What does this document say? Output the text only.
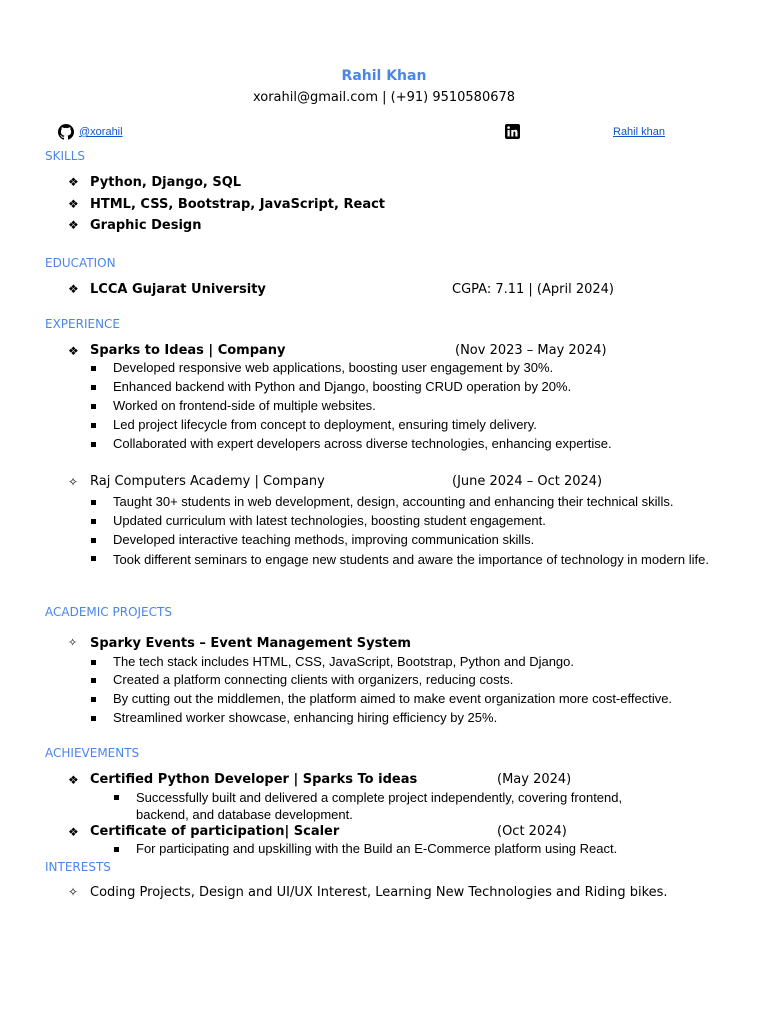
Rahil Khan
xorahil@gmail.com | (+91) 9510580678
@xorahil	Rahil khan
SKILLS
❖ Python, Django, SQL
❖ HTML, CSS, Bootstrap, JavaScript, React
❖ Graphic Design
EDUCATION
❖ LCCA Gujarat University	CGPA: 7.11 | (April 2024)
EXPERIENCE
❖ Sparks to Ideas | Company	(Nov 2023 – May 2024)
Developed responsive web applications, boosting user engagement by 30%.
Enhanced backend with Python and Django, boosting CRUD operation by 20%.
Worked on frontend-side of multiple websites.
Led project lifecycle from concept to deployment, ensuring timely delivery.
Collaborated with expert developers across diverse technologies, enhancing expertise.
✧ Raj Computers Academy | Company	(June 2024 – Oct 2024)
Taught 30+ students in web development, design, accounting and enhancing their technical skills.
Updated curriculum with latest technologies, boosting student engagement.
Developed interactive teaching methods, improving communication skills.
Took different seminars to engage new students and aware the importance of technology in modern life.
ACADEMIC PROJECTS
✧ Sparky Events – Event Management System
The tech stack includes HTML, CSS, JavaScript, Bootstrap, Python and Django.
Created a platform connecting clients with organizers, reducing costs.
By cutting out the middlemen, the platform aimed to make event organization more cost-effective.
Streamlined worker showcase, enhancing hiring efficiency by 25%.
ACHIEVEMENTS
❖ Certified Python Developer | Sparks To ideas	(May 2024)
Successfully built and delivered a complete project independently, covering frontend, backend, and database development.
❖ Certificate of participation| Scaler	(Oct 2024)
For participating and upskilling with the Build an E-Commerce platform using React.
INTERESTS
✧ Coding Projects, Design and UI/UX Interest, Learning New Technologies and Riding bikes.
